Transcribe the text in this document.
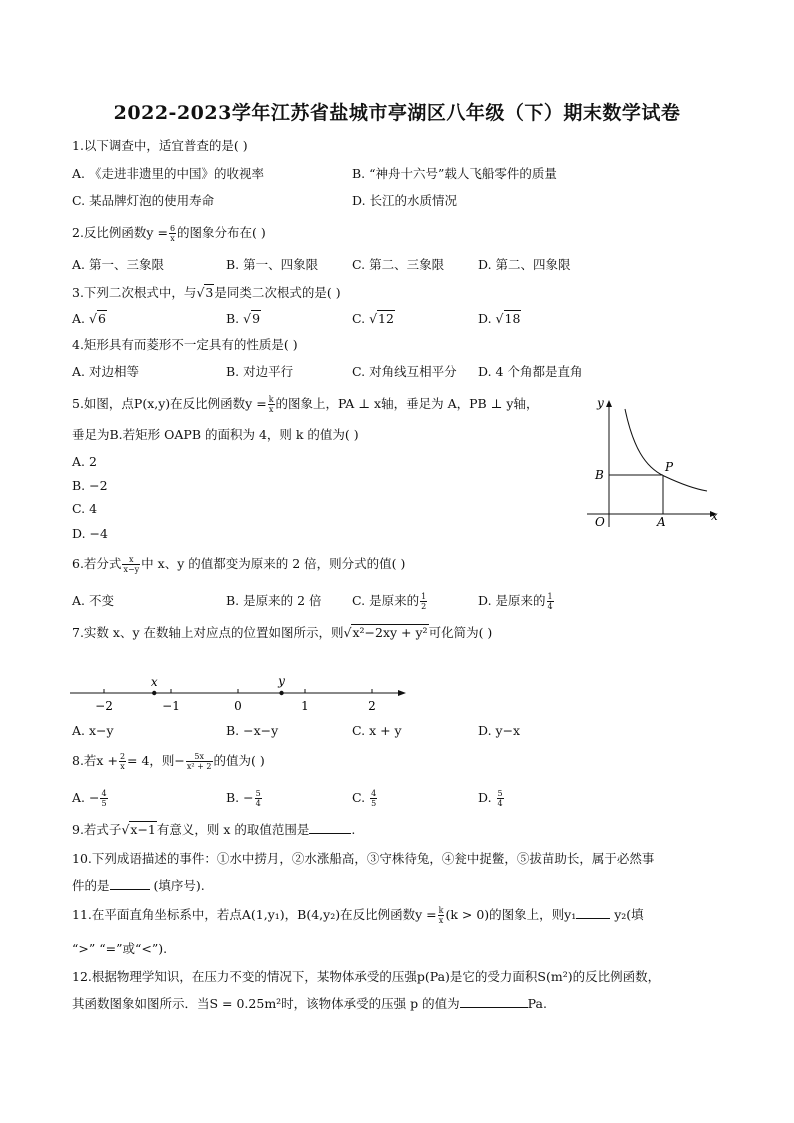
2022-2023学年江苏省盐城市亭湖区八年级（下）期末数学试卷
1.以下调查中，适宜普查的是( )
A. 《走进非遗里的中国》的收视率	B. “神舟十六号”载人飞船零件的质量
C. 某品牌灯泡的使用寿命	D. 长江的水质情况
2.反比例函数$y = \frac{6}{x}$ 的图象分布在( )
A. 第一、三象限	B. 第一、四象限	C. 第二、三象限	D. 第二、四象限
3.下列二次根式中，与√3是同类二次根式的是( )
A. √6	B. √9	C. √12	D. √18
4.矩形具有而菱形不一定具有的性质是( )
A. 对边相等	B. 对边平行	C. 对角线互相平分 D. 4 个角都是直角
5.如图，点P(x,y)在反比例函数$y = \frac{k}{x}$ 的图象上，PA ⊥ x轴，垂足为 A，PB ⊥ y轴，
垂足为B.若矩形 OAPB 的面积为 4，则 k 的值为( )
A. 2
B. −2
C. 4
D. −4
y
x
O	A
B
P
6.若分式 $\frac{x}{x-y}$ 中 x、y 的值都变为原来的 2 倍，则分式的值( )
A. 不变	B. 是原来的 2 倍 C. 是原来的 $\frac{1}{2}$	D. 是原来的 $\frac{1}{4}$
7.实数 x、y 在数轴上对应点的位置如图所示，则√x²−2xy + y²可化简为( )
−2	−1	0	1	2
x	y
A. x−y	B. −x−y	C. x + y	D. y−x
8.若$x + \frac{2}{x} = 4$，则− $\frac{5x}{\text{x² + 2}}$ 的值为( )
A. − $\frac{4}{5}$	B. − $\frac{5}{4}$	C. $\frac{4}{5}$	D. $\frac{5}{4}$
9.若式子√x−1有意义，则 x 的取值范围是	.
10.下列成语描述的事件：①水中捞月，②水涨船高，③守株待兔，④瓮中捉鳖，⑤拔苗助长，属于必然事
件的是	(填序号).
11.在平面直角坐标系中，若点A(1,y₁)，B(4,y₂)在反比例函数$y = \frac{k}{x} (k > 0)$的图象上，则y₁	y₂(填
“>” “=”或“<”).
12.根据物理学知识，在压力不变的情况下，某物体承受的压强p(Pa)是它的受力面积S(m²)的反比例函数，
其函数图象如图所示．当S = 0.25m²时，该物体承受的压强 p 的值为	Pa.
